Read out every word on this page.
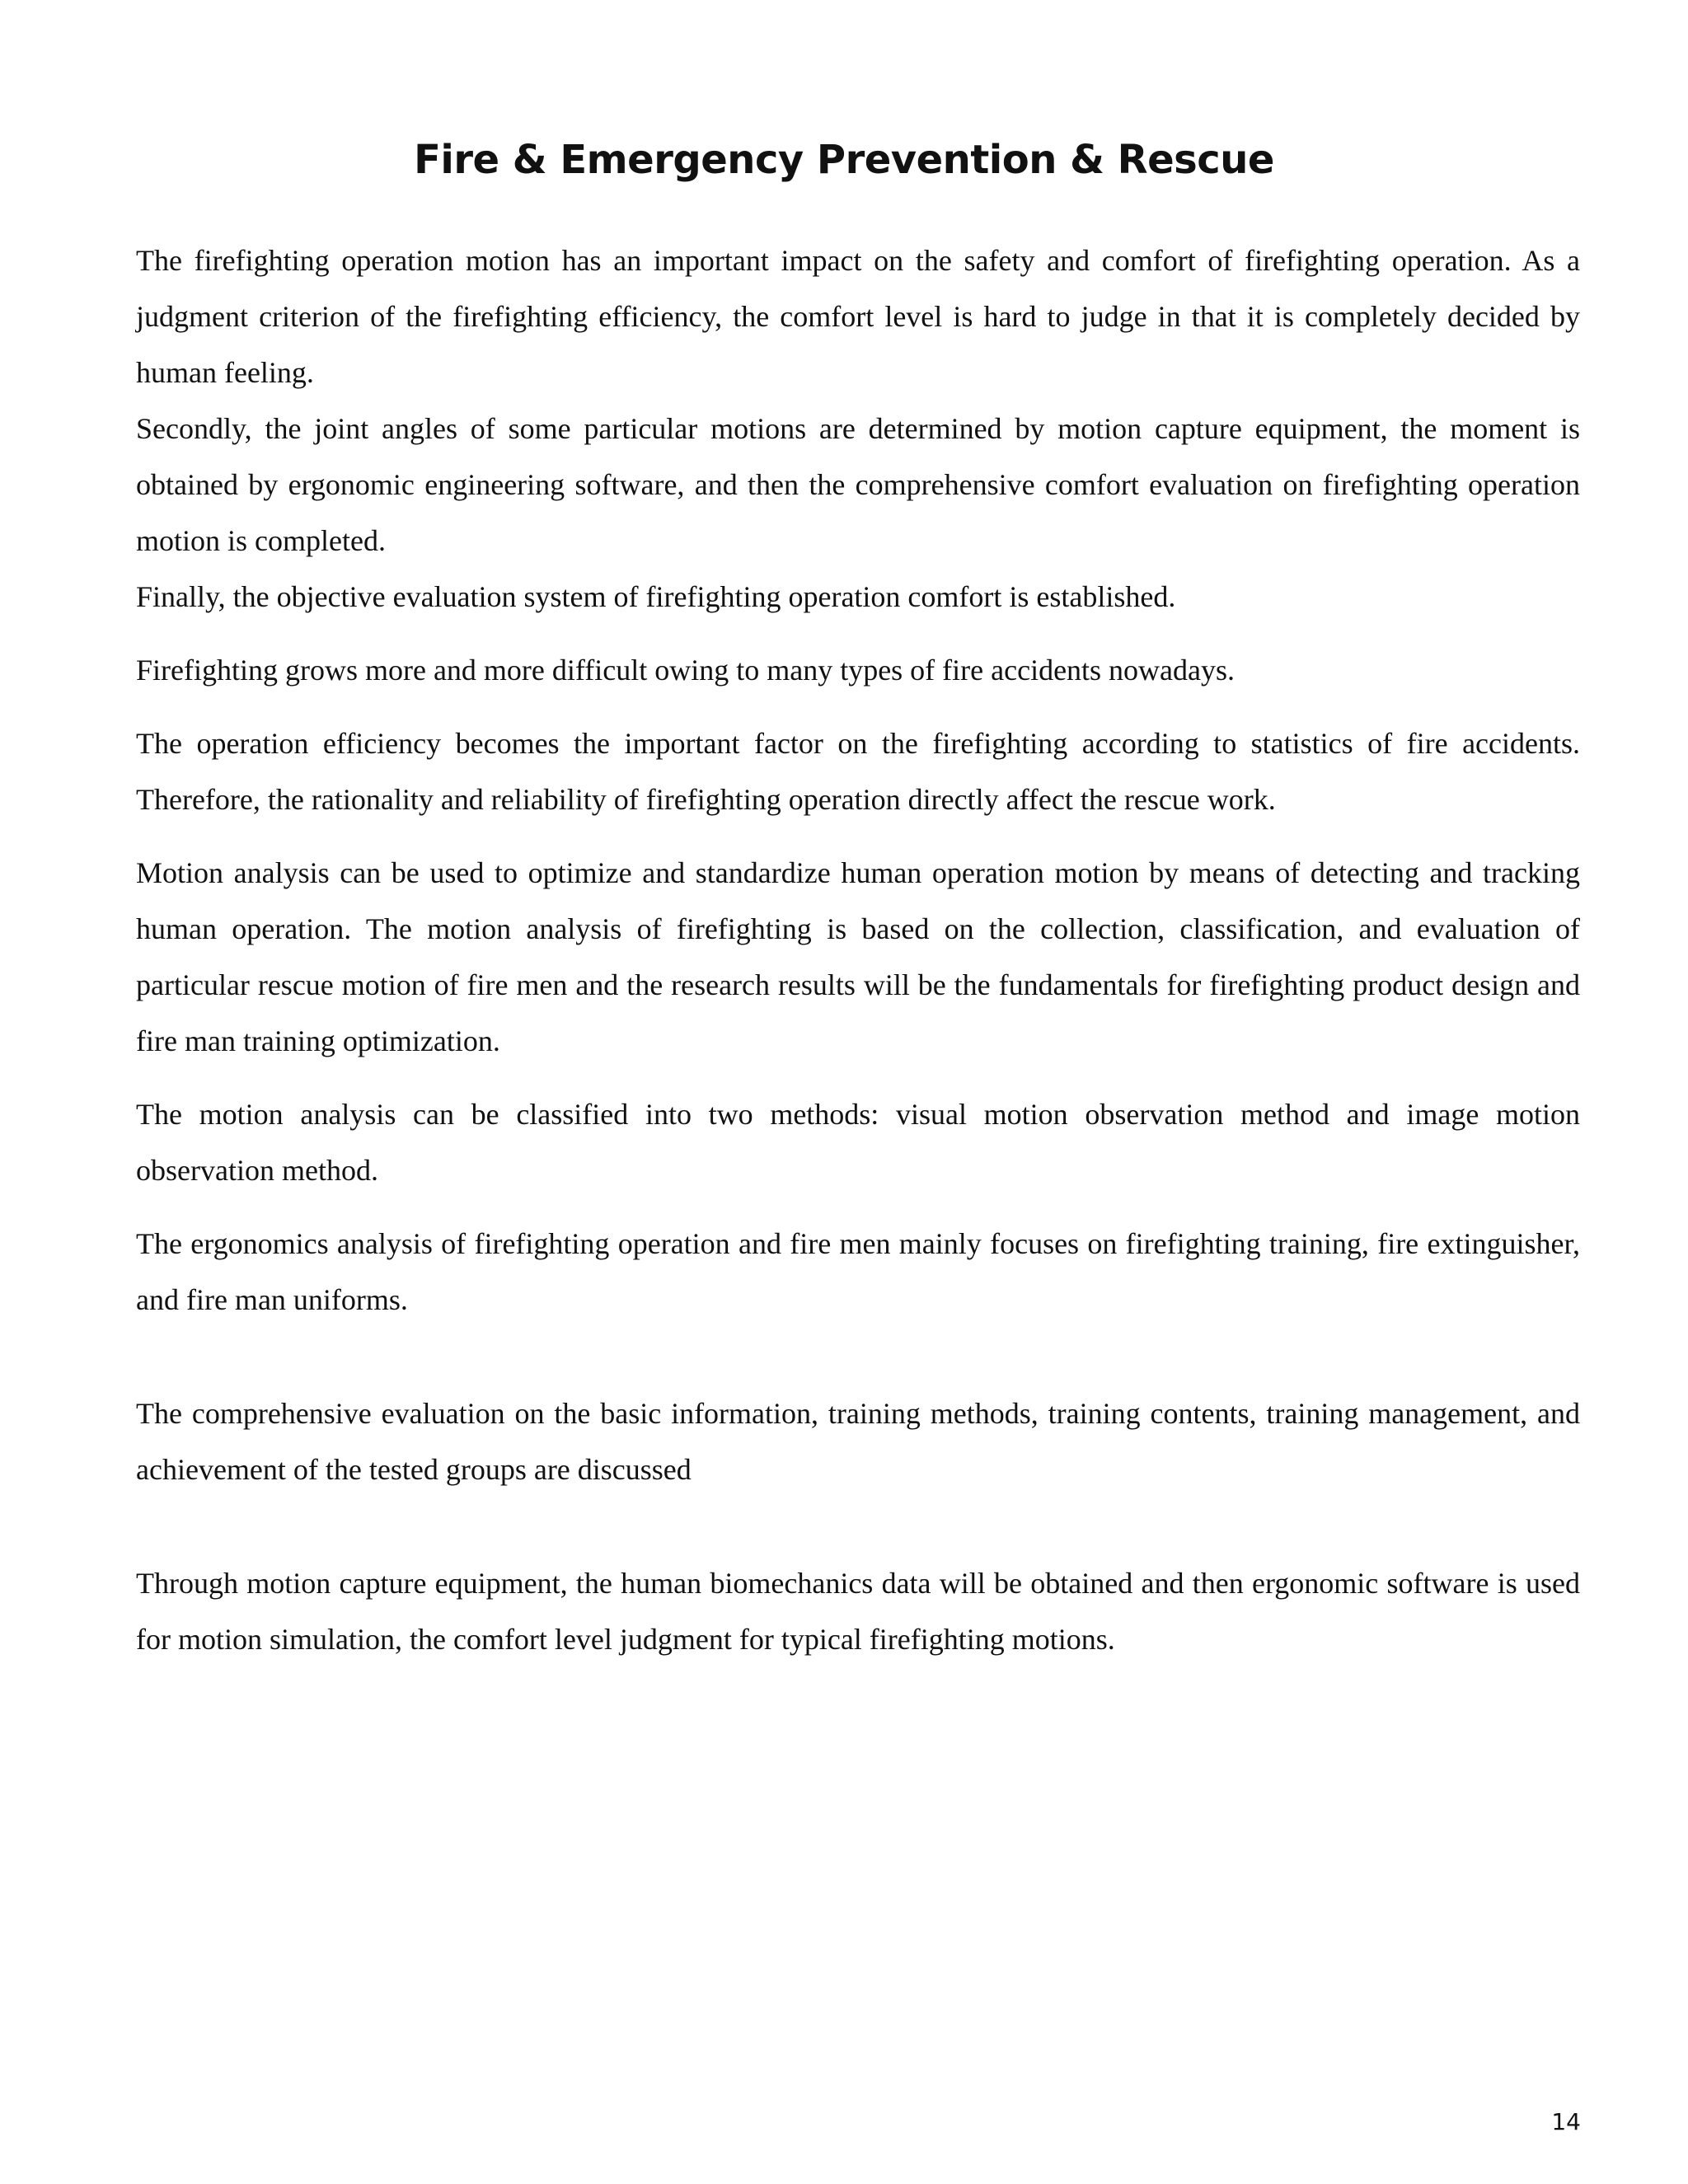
Fire & Emergency Prevention & Rescue

The firefighting operation motion has an important impact on the safety and comfort of firefighting operation. As a judgment criterion of the firefighting efficiency, the comfort level is hard to judge in that it is completely decided by human feeling.

Secondly, the joint angles of some particular motions are determined by motion capture equipment, the moment is obtained by ergonomic engineering software, and then the comprehensive comfort evaluation on firefighting operation motion is completed.

Finally, the objective evaluation system of firefighting operation comfort is established.

Firefighting grows more and more difficult owing to many types of fire accidents nowadays.

The operation efficiency becomes the important factor on the firefighting according to statistics of fire accidents. Therefore, the rationality and reliability of firefighting operation directly affect the rescue work.

Motion analysis can be used to optimize and standardize human operation motion by means of detecting and tracking human operation. The motion analysis of firefighting is based on the collection, classification, and evaluation of particular rescue motion of fire men and the research results will be the fundamentals for firefighting product design and fire man training optimization.

The motion analysis can be classified into two methods: visual motion observation method and image motion observation method.

The ergonomics analysis of firefighting operation and fire men mainly focuses on firefighting training, fire extinguisher, and fire man uniforms.

The comprehensive evaluation on the basic information, training methods, training contents, training management, and achievement of the tested groups are discussed

Through motion capture equipment, the human biomechanics data will be obtained and then ergonomic software is used for motion simulation, the comfort level judgment for typical firefighting motions.

14
